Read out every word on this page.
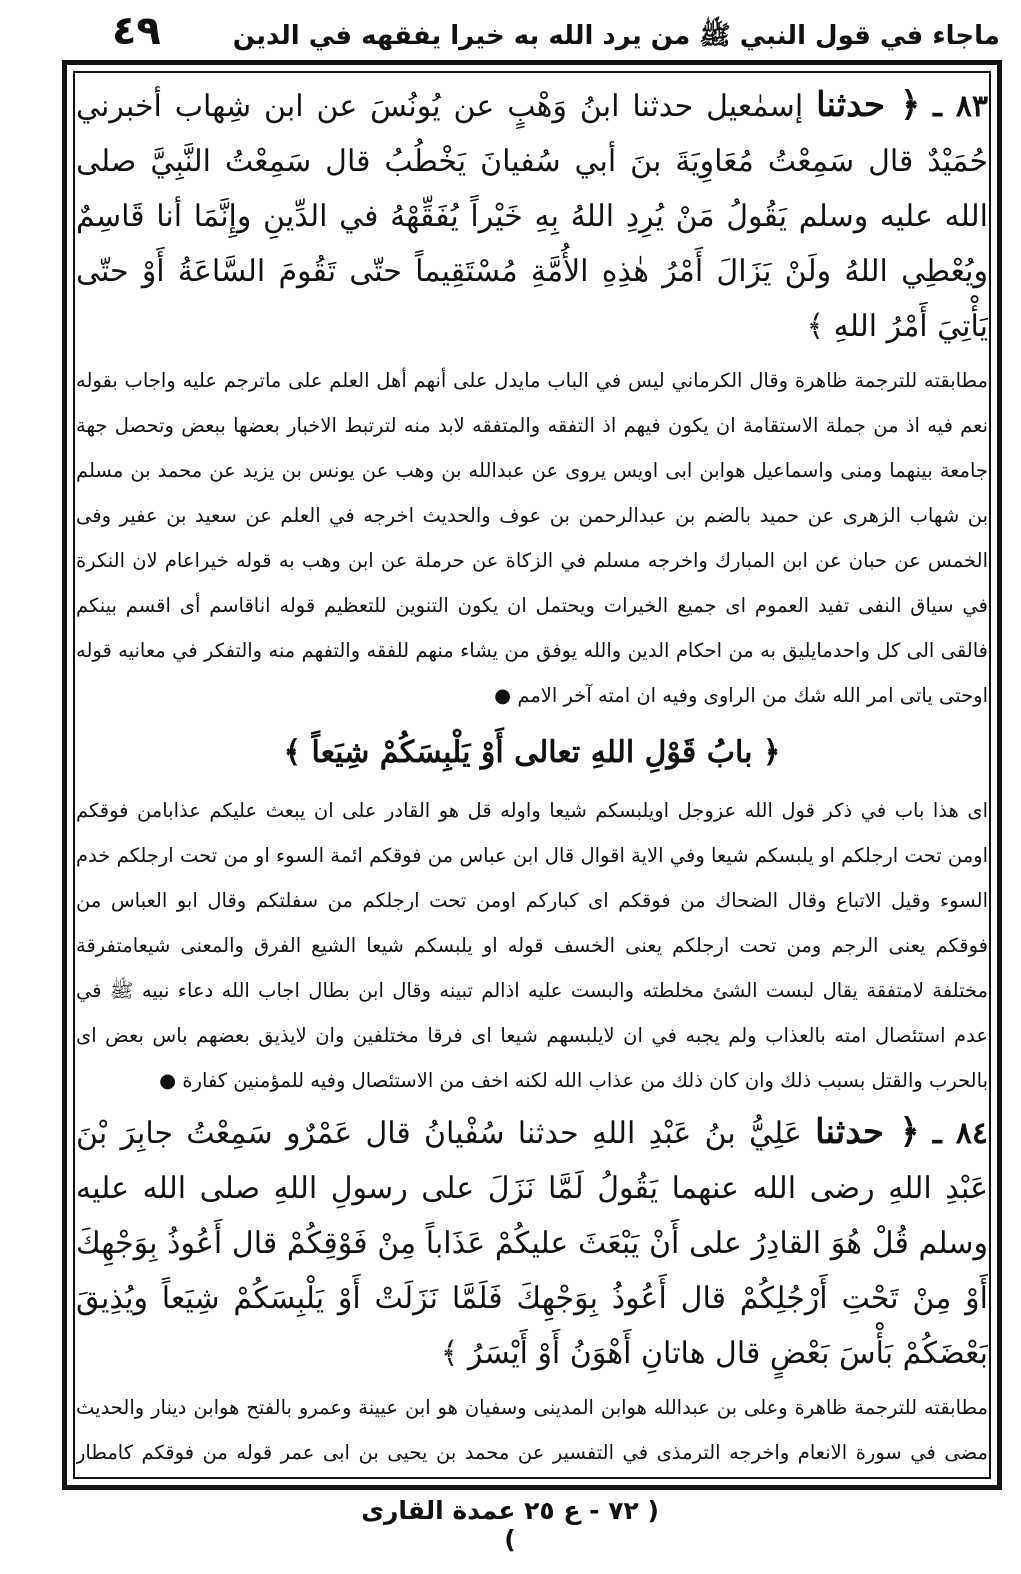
ماجاء في قول النبي ﷺ من يرد الله به خيرا يفقهه في الدين
٤٩

٨٣ ـ ﴿ حدثنا إسمٰعيل حدثنا ابنُ وَهْبٍ عن يُونُسَ عن ابن شِهاب أخبرني حُمَيْدٌ قال سَمِعْتُ مُعَاوِيَةَ بنَ أبي سُفيانَ يَخْطُبُ قال سَمِعْتُ النَّبِيَّ صلى الله عليه وسلم يَقُولُ مَنْ يُرِدِ اللهُ بِهِ خَيْراً يُفَقِّهْهُ في الدِّينِ وإِنَّمَا أنا قَاسِمٌ ويُعْطِي اللهُ ولَنْ يَزَالَ أَمْرُ هٰذِهِ الأُمَّةِ مُسْتَقِيماً حتّى تَقُومَ السَّاعَةُ أَوْ حتّى يَأْتِيَ أَمْرُ اللهِ ﴾

مطابقته للترجمة ظاهرة وقال الكرماني ليس في الباب مايدل على أنهم أهل العلم على ماترجم عليه واجاب بقوله نعم فيه اذ من جملة الاستقامة ان يكون فيهم اذ التفقه والمتفقه لابد منه لترتبط الاخبار بعضها ببعض وتحصل جهة جامعة بينهما ومنى واسماعيل هوابن ابى اويس يروى عن عبدالله بن وهب عن يونس بن يزيد عن محمد بن مسلم بن شهاب الزهرى عن حميد بالضم بن عبدالرحمن بن عوف والحديث اخرجه في العلم عن سعيد بن عفير وفى الخمس عن حبان عن ابن المبارك واخرجه مسلم في الزكاة عن حرملة عن ابن وهب به قوله خيراعام لان النكرة في سياق النفى تفيد العموم اى جميع الخيرات ويحتمل ان يكون التنوين للتعظيم قوله اناقاسم أى اقسم بينكم فالقى الى كل واحدمايليق به من احكام الدين والله يوفق من يشاء منهم للفقه والتفهم منه والتفكر في معانيه قوله اوحتى ياتى امر الله شك من الراوى وفيه ان امته آخر الامم ●

﴿ بابُ قَوْلِ اللهِ تعالى أَوْ يَلْبِسَكُمْ شِيَعاً ﴾

اى هذا باب في ذكر قول الله عزوجل اويلبسكم شيعا واوله قل هو القادر على ان يبعث عليكم عذابامن فوقكم اومن تحت ارجلكم او يلبسكم شيعا وفي الاية اقوال قال ابن عباس من فوقكم ائمة السوء او من تحت ارجلكم خدم السوء وقيل الاتباع وقال الضحاك من فوقكم اى كباركم اومن تحت ارجلكم من سفلتكم وقال ابو العباس من فوقكم يعنى الرجم ومن تحت ارجلكم يعنى الخسف قوله او يلبسكم شيعا الشيع الفرق والمعنى شيعامتفرقة مختلفة لامتفقة يقال لبست الشئ مخلطته والبست عليه اذالم تبينه وقال ابن بطال اجاب الله دعاء نبيه ﷺ في عدم استئصال امته بالعذاب ولم يجبه في ان لايلبسهم شيعا اى فرقا مختلفين وان لايذيق بعضهم باس بعض اى بالحرب والقتل بسبب ذلك وان كان ذلك من عذاب الله لكنه اخف من الاستئصال وفيه للمؤمنين كفارة ●

٨٤ ـ ﴿ حدثنا عَلِيُّ بنُ عَبْدِ اللهِ حدثنا سُفْيانُ قال عَمْرٌو سَمِعْتُ جابِرَ بْنَ عَبْدِ اللهِ رضى الله عنهما يَقُولُ لَمَّا نَزَلَ على رسولِ اللهِ صلى الله عليه وسلم قُلْ هُوَ القادِرُ على أَنْ يَبْعَثَ عليكُمْ عَذَاباً مِنْ فَوْقِكُمْ قال أَعُوذُ بِوَجْهِكَ أَوْ مِنْ تَحْتِ أَرْجُلِكُمْ قال أَعُوذُ بِوَجْهِكَ فَلَمَّا نَزَلَتْ أَوْ يَلْبِسَكُمْ شِيَعاً ويُذِيقَ بَعْضَكُمْ بَأْسَ بَعْضٍ قال هاتانِ أَهْوَنُ أَوْ أَيْسَرُ ﴾

مطابقته للترجمة ظاهرة وعلى بن عبدالله هوابن المدينى وسفيان هو ابن عيينة وعمرو بالفتح هوابن دينار والحديث مضى في سورة الانعام واخرجه الترمذى في التفسير عن محمد بن يحيى بن ابى عمر قوله من فوقكم كامطار

( ٧٢ - ع ٢٥ عمدة القارى )
